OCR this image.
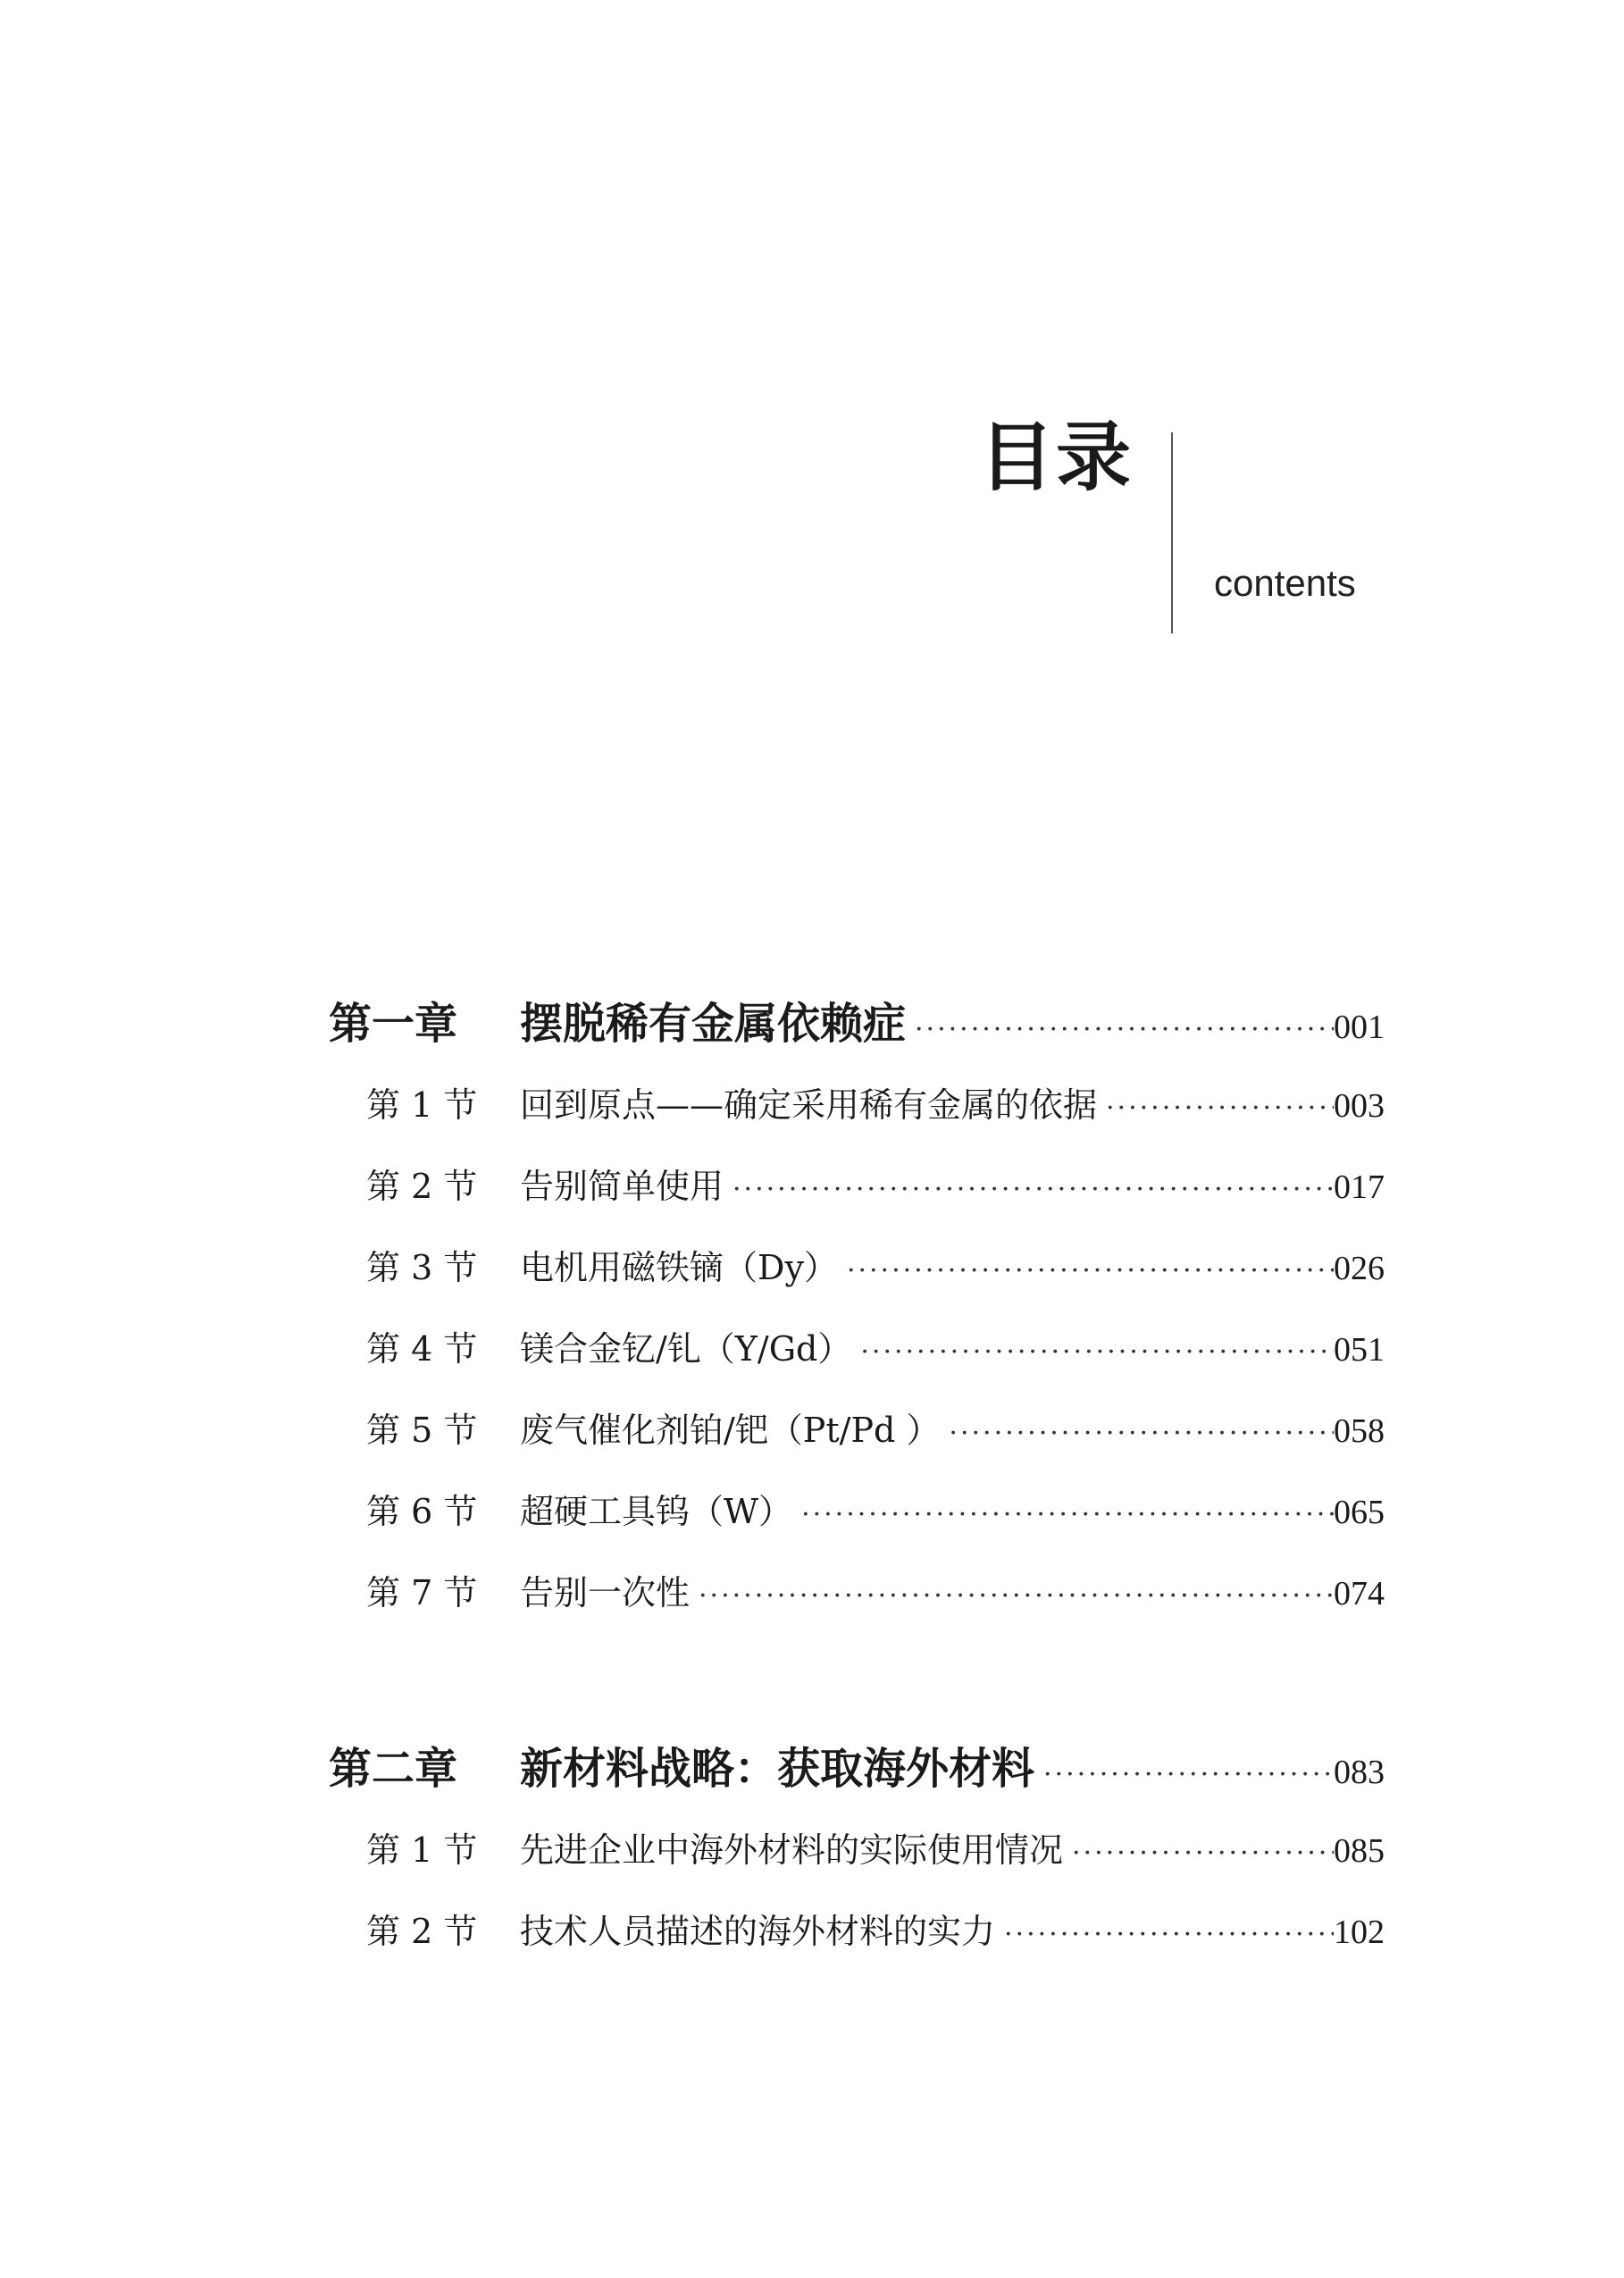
目录
contents
第一章	摆脱稀有金属依赖症 ·····	001
第 1 节	回到原点——确定采用稀有金属的依据 ·····	003
第 2 节	告别简单使用 ·····	017
第 3 节	电机用磁铁镝（Dy） ·····	026
第 4 节	镁合金钇/钆（Y/Gd） ·····	051
第 5 节	废气催化剂铂/钯（Pt/Pd ） ·····	058
第 6 节	超硬工具钨（W） ·····	065
第 7 节	告别一次性 ·····	074
第二章	新材料战略：获取海外材料 ·····	083
第 1 节	先进企业中海外材料的实际使用情况 ·····	085
第 2 节	技术人员描述的海外材料的实力 ·····	102
